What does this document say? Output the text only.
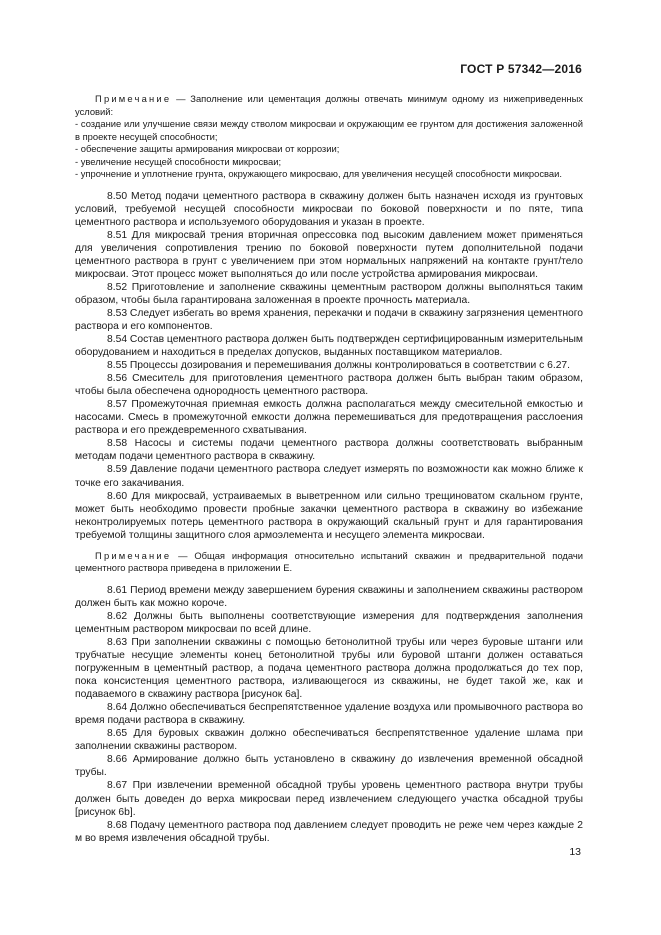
ГОСТ Р 57342—2016
Примечание — Заполнение или цементация должны отвечать минимум одному из нижеприведенных условий:
- создание или улучшение связи между стволом микросваи и окружающим ее грунтом для достижения заложенной в проекте несущей способности;
- обеспечение защиты армирования микросваи от коррозии;
- увеличение несущей способности микросваи;
- упрочнение и уплотнение грунта, окружающего микросваю, для увеличения несущей способности микросваи.

8.50 Метод подачи цементного раствора в скважину должен быть назначен исходя из грунтовых условий, требуемой несущей способности микросваи по боковой поверхности и по пяте, типа цементного раствора и используемого оборудования и указан в проекте.

8.51 Для микросвай трения вторичная опрессовка под высоким давлением может применяться для увеличения сопротивления трению по боковой поверхности путем дополнительной подачи цементного раствора в грунт с увеличением при этом нормальных напряжений на контакте грунт/тело микросваи. Этот процесс может выполняться до или после устройства армирования микросваи.

8.52 Приготовление и заполнение скважины цементным раствором должны выполняться таким образом, чтобы была гарантирована заложенная в проекте прочность материала.

8.53 Следует избегать во время хранения, перекачки и подачи в скважину загрязнения цементного раствора и его компонентов.

8.54 Состав цементного раствора должен быть подтвержден сертифицированным измерительным оборудованием и находиться в пределах допусков, выданных поставщиком материалов.

8.55 Процессы дозирования и перемешивания должны контролироваться в соответствии с 6.27.

8.56 Смеситель для приготовления цементного раствора должен быть выбран таким образом, чтобы была обеспечена однородность цементного раствора.

8.57 Промежуточная приемная емкость должна располагаться между смесительной емкостью и насосами. Смесь в промежуточной емкости должна перемешиваться для предотвращения расслоения раствора и его преждевременного схватывания.

8.58 Насосы и системы подачи цементного раствора должны соответствовать выбранным методам подачи цементного раствора в скважину.

8.59 Давление подачи цементного раствора следует измерять по возможности как можно ближе к точке его закачивания.

8.60 Для микросвай, устраиваемых в выветренном или сильно трещиноватом скальном грунте, может быть необходимо провести пробные закачки цементного раствора в скважину во избежание неконтролируемых потерь цементного раствора в окружающий скальный грунт и для гарантирования требуемой толщины защитного слоя армоэлемента и несущего элемента микросваи.

Примечание — Общая информация относительно испытаний скважин и предварительной подачи цементного раствора приведена в приложении Е.

8.61 Период времени между завершением бурения скважины и заполнением скважины раствором должен быть как можно короче.

8.62 Должны быть выполнены соответствующие измерения для подтверждения заполнения цементным раствором микросваи по всей длине.

8.63 При заполнении скважины с помощью бетонолитной трубы или через буровые штанги или трубчатые несущие элементы конец бетонолитной трубы или буровой штанги должен оставаться погруженным в цементный раствор, а подача цементного раствора должна продолжаться до тех пор, пока консистенция цементного раствора, изливающегося из скважины, не будет такой же, как и подаваемого в скважину раствора [рисунок 6а].

8.64 Должно обеспечиваться беспрепятственное удаление воздуха или промывочного раствора во время подачи раствора в скважину.

8.65 Для буровых скважин должно обеспечиваться беспрепятственное удаление шлама при заполнении скважины раствором.

8.66 Армирование должно быть установлено в скважину до извлечения временной обсадной трубы.

8.67 При извлечении временной обсадной трубы уровень цементного раствора внутри трубы должен быть доведен до верха микросваи перед извлечением следующего участка обсадной трубы [рисунок 6b].

8.68 Подачу цементного раствора под давлением следует проводить не реже чем через каждые 2 м во время извлечения обсадной трубы.

13
